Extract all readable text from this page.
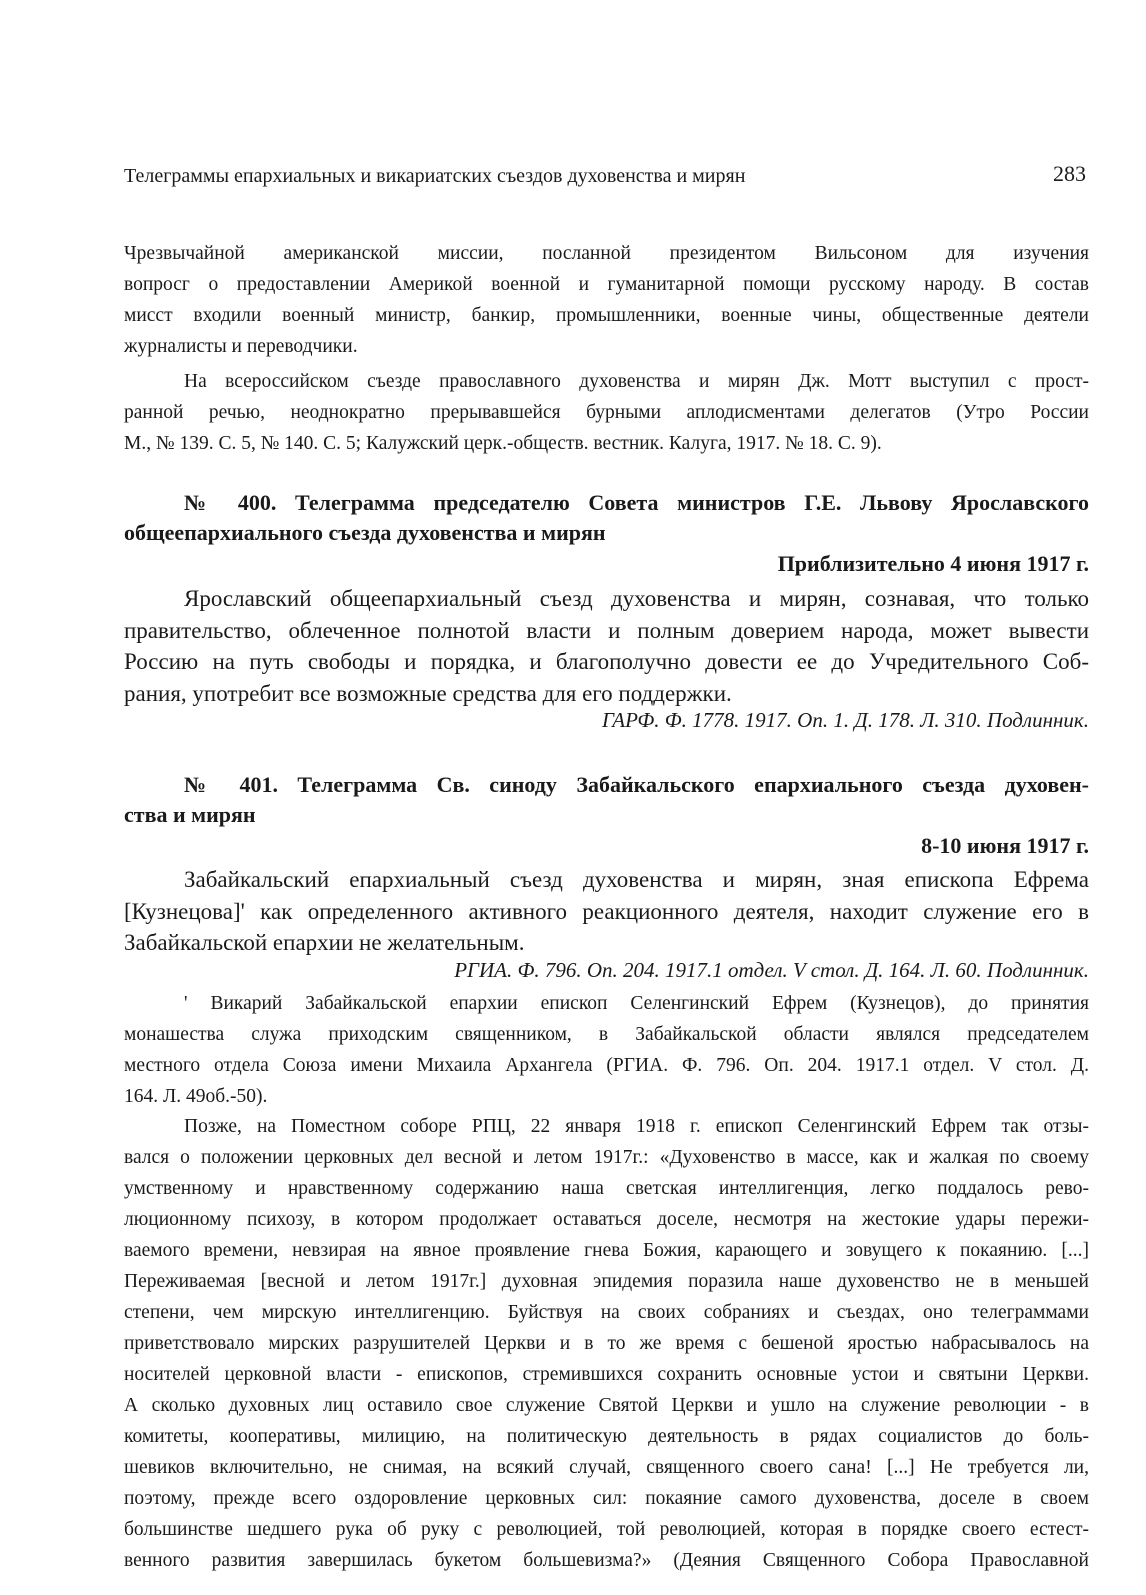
Телеграммы епархиальных и викариатских съездов духовенства и мирян	283
Чрезвычайной американской миссии, посланной президентом Вильсоном для изучения
вопросг о предоставлении Америкой военной и гуманитарной помощи русскому народу. В состав
мисст входили военный министр, банкир, промышленники, военные чины, общественные деятели
журналисты и переводчики.
На всероссийском съезде православного духовенства и мирян Дж. Мотт выступил с прост-
ранной речью, неоднократно прерывавшейся бурными аплодисментами делегатов (Утро России
М., № 139. С. 5, № 140. С. 5; Калужский церк.-обществ. вестник. Калуга, 1917. № 18. С. 9).
№ 400. Телеграмма председателю Совета министров Г.Е. Львову Ярославского
общеепархиального съезда духовенства и мирян
Приблизительно 4 июня 1917 г.
Ярославский общеепархиальный съезд духовенства и мирян, сознавая, что только
правительство, облеченное полнотой власти и полным доверием народа, может вывести
Россию на путь свободы и порядка, и благополучно довести ее до Учредительного Соб-
рания, употребит все возможные средства для его поддержки.
ГАРФ. Ф. 1778. 1917. Оп. 1. Д. 178. Л. 310. Подлинник.
№ 401. Телеграмма Св. синоду Забайкальского епархиального съезда духовен-
ства и мирян
8-10 июня 1917 г.
Забайкальский епархиальный съезд духовенства и мирян, зная епископа Ефрема
[Кузнецова]' как определенного активного реакционного деятеля, находит служение его в
Забайкальской епархии не желательным.
РГИА. Ф. 796. Оп. 204. 1917.1 отдел. V стол. Д. 164. Л. 60. Подлинник.
' Викарий Забайкальской епархии епископ Селенгинский Ефрем (Кузнецов), до принятия
монашества служа приходским священником, в Забайкальской области являлся председателем
местного отдела Союза имени Михаила Архангела (РГИА. Ф. 796. Оп. 204. 1917.1 отдел. V стол. Д.
164. Л. 49об.-50).
Позже, на Поместном соборе РПЦ, 22 января 1918 г. епископ Селенгинский Ефрем так отзы-
вался о положении церковных дел весной и летом 1917г.: «Духовенство в массе, как и жалкая по своему
умственному и нравственному содержанию наша светская интеллигенция, легко поддалось рево-
люционному психозу, в котором продолжает оставаться доселе, несмотря на жестокие удары пережи-
ваемого времени, невзирая на явное проявление гнева Божия, карающего и зовущего к покаянию. [...]
Переживаемая [весной и летом 1917г.] духовная эпидемия поразила наше духовенство не в меньшей
степени, чем мирскую интеллигенцию. Буйствуя на своих собраниях и съездах, оно телеграммами
приветствовало мирских разрушителей Церкви и в то же время с бешеной яростью набрасывалось на
носителей церковной власти - епископов, стремившихся сохранить основные устои и святыни Церкви.
А сколько духовных лиц оставило свое служение Святой Церкви и ушло на служение революции - в
комитеты, кооперативы, милицию, на политическую деятельность в рядах социалистов до боль-
шевиков включительно, не снимая, на всякий случай, священного своего сана! [...] Не требуется ли,
поэтому, прежде всего оздоровление церковных сил: покаяние самого духовенства, доселе в своем
большинстве шедшего рука об руку с революцией, той революцией, которая в порядке своего естест-
венного развития завершилась букетом большевизма?» (Деяния Священного Собора Православной
